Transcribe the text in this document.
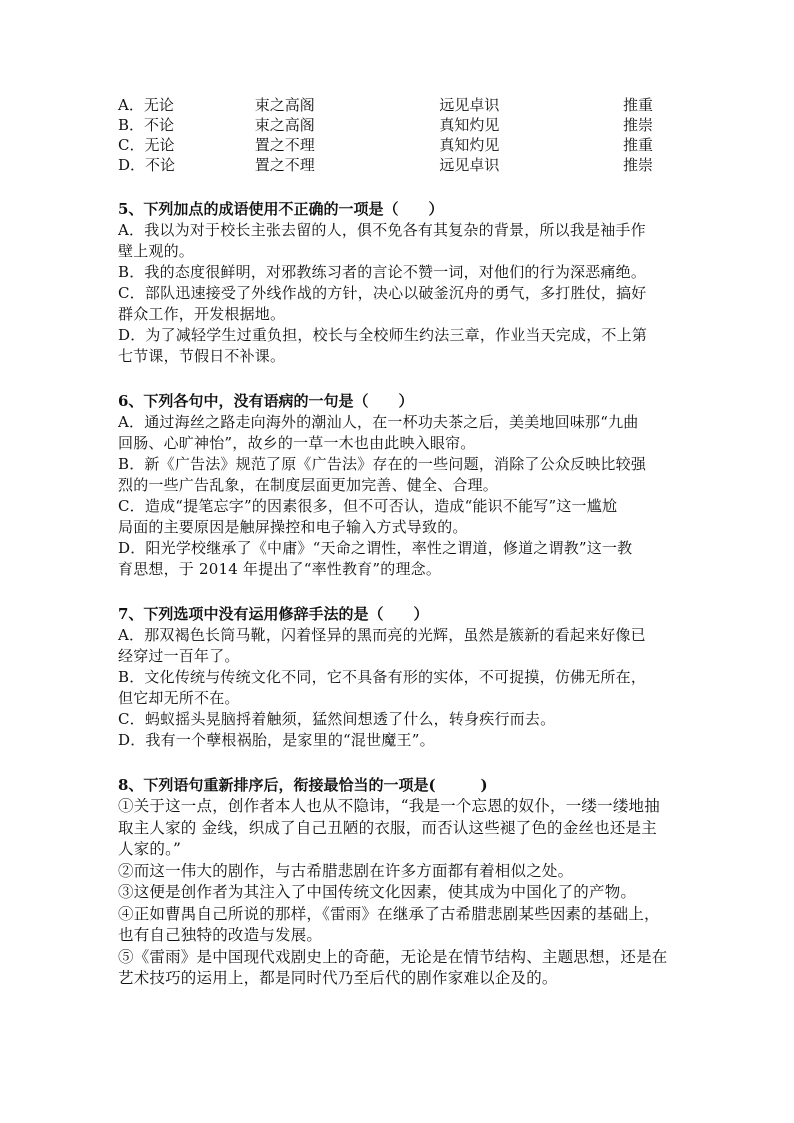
A．无论	束之高阁	远见卓识	推重
B．不论	束之高阁	真知灼见	推崇
C．无论	置之不理	真知灼见	推重
D．不论	置之不理	远见卓识	推崇
5、下列加点的成语使用不正确的一项是（　　）
A．我以为对于校长主张去留的人，俱不免各有其复杂的背景，所以我是袖手作
壁上观的。
B．我的态度很鲜明，对邪教练习者的言论不赞一词，对他们的行为深恶痛绝。
C．部队迅速接受了外线作战的方针，决心以破釜沉舟的勇气，多打胜仗，搞好
群众工作，开发根据地。
D．为了减轻学生过重负担，校长与全校师生约法三章，作业当天完成，不上第
七节课，节假日不补课。
6、下列各句中，没有语病的一句是（　　）
A．通过海丝之路走向海外的潮汕人，在一杯功夫茶之后，美美地回味那“九曲
回肠、心旷神怡”，故乡的一草一木也由此映入眼帘。
B．新《广告法》规范了原《广告法》存在的一些问题，消除了公众反映比较强
烈的一些广告乱象，在制度层面更加完善、健全、合理。
C．造成“提笔忘字”的因素很多，但不可否认，造成“能识不能写”这一尴尬
局面的主要原因是触屏操控和电子输入方式导致的。
D．阳光学校继承了《中庸》“天命之谓性，率性之谓道，修道之谓教”这一教
育思想，于 2014 年提出了“率性教育”的理念。
7、下列选项中没有运用修辞手法的是（　　）
A．那双褐色长筒马靴，闪着怪异的黑而亮的光辉，虽然是簇新的看起来好像已
经穿过一百年了。
B．文化传统与传统文化不同，它不具备有形的实体，不可捉摸，仿佛无所在，
但它却无所不在。
C．蚂蚁摇头晃脑捋着触须，猛然间想透了什么，转身疾行而去。
D．我有一个孽根祸胎，是家里的“混世魔王”。
8、下列语句重新排序后，衔接最恰当的一项是(　　　)
①关于这一点，创作者本人也从不隐讳，“我是一个忘恩的奴仆，一缕一缕地抽
取主人家的 金线，织成了自己丑陋的衣服，而否认这些褪了色的金丝也还是主
人家的。”
②而这一伟大的剧作，与古希腊悲剧在许多方面都有着相似之处。
③这便是创作者为其注入了中国传统文化因素，使其成为中国化了的产物。
④正如曹禺自己所说的那样，《雷雨》在继承了古希腊悲剧某些因素的基础上，
也有自己独特的改造与发展。
⑤《雷雨》是中国现代戏剧史上的奇葩，无论是在情节结构、主题思想，还是在
艺术技巧的运用上，都是同时代乃至后代的剧作家难以企及的。
